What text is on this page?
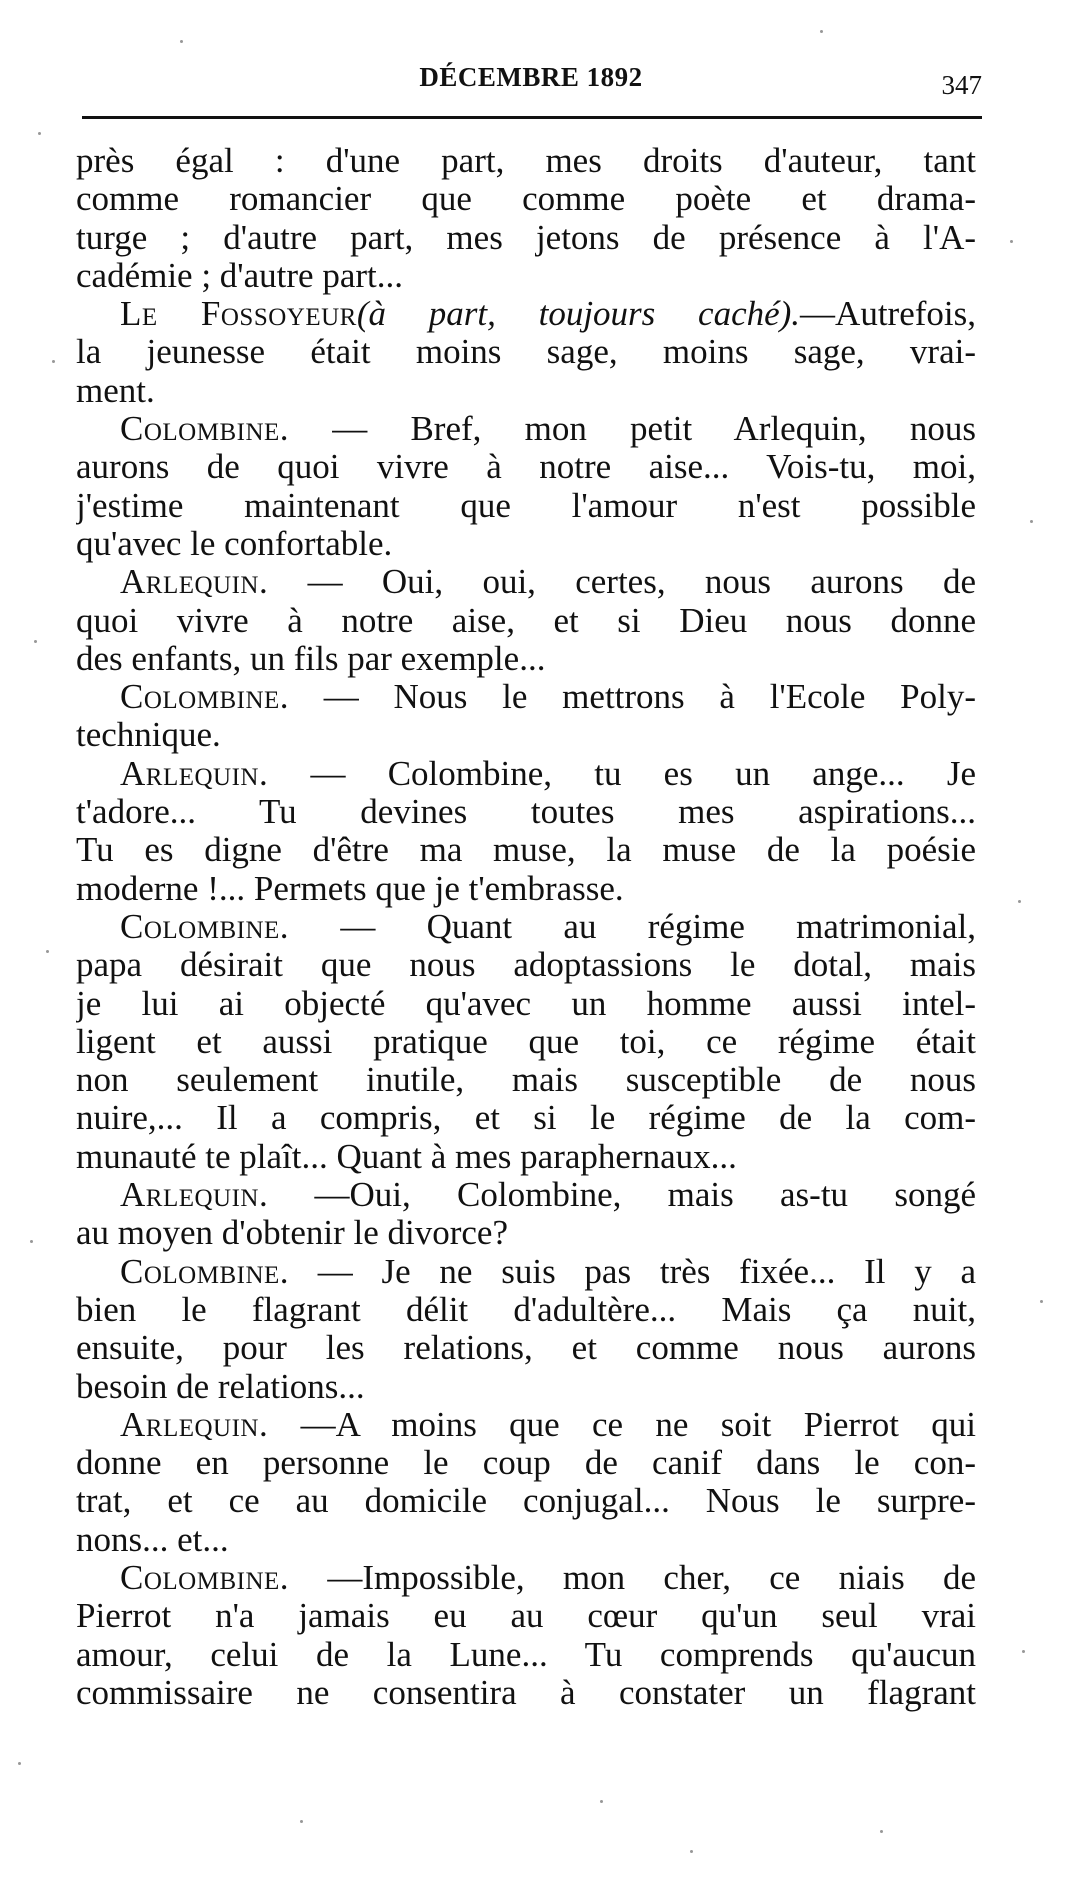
DÉCEMBRE 1892	347
près égal : d'une part, mes droits d'auteur, tant
comme romancier que comme poète et drama-
turge ; d'autre part, mes jetons de présence à l'A-
cadémie ; d'autre part...
Le Fossoyeur(à part, toujours caché).—Autrefois,
la jeunesse était moins sage, moins sage, vrai-
ment.
Colombine. — Bref, mon petit Arlequin, nous
aurons de quoi vivre à notre aise... Vois-tu, moi,
j'estime maintenant que l'amour n'est possible
qu'avec le confortable.
Arlequin. — Oui, oui, certes, nous aurons de
quoi vivre à notre aise, et si Dieu nous donne
des enfants, un fils par exemple...
Colombine. — Nous le mettrons à l'Ecole Poly-
technique.
Arlequin. — Colombine, tu es un ange... Je
t'adore... Tu devines toutes mes aspirations...
Tu es digne d'être ma muse, la muse de la poésie
moderne !... Permets que je t'embrasse.
Colombine. — Quant au régime matrimonial,
papa désirait que nous adoptassions le dotal, mais
je lui ai objecté qu'avec un homme aussi intel-
ligent et aussi pratique que toi, ce régime était
non seulement inutile, mais susceptible de nous
nuire,... Il a compris, et si le régime de la com-
munauté te plaît... Quant à mes paraphernaux...
Arlequin. —Oui, Colombine, mais as-tu songé
au moyen d'obtenir le divorce?
Colombine. — Je ne suis pas très fixée... Il y a
bien le flagrant délit d'adultère... Mais ça nuit,
ensuite, pour les relations, et comme nous aurons
besoin de relations...
Arlequin. —A moins que ce ne soit Pierrot qui
donne en personne le coup de canif dans le con-
trat, et ce au domicile conjugal... Nous le surpre-
nons... et...
Colombine. —Impossible, mon cher, ce niais de
Pierrot n'a jamais eu au cœur qu'un seul vrai
amour, celui de la Lune... Tu comprends qu'aucun
commissaire ne consentira à constater un flagrant
